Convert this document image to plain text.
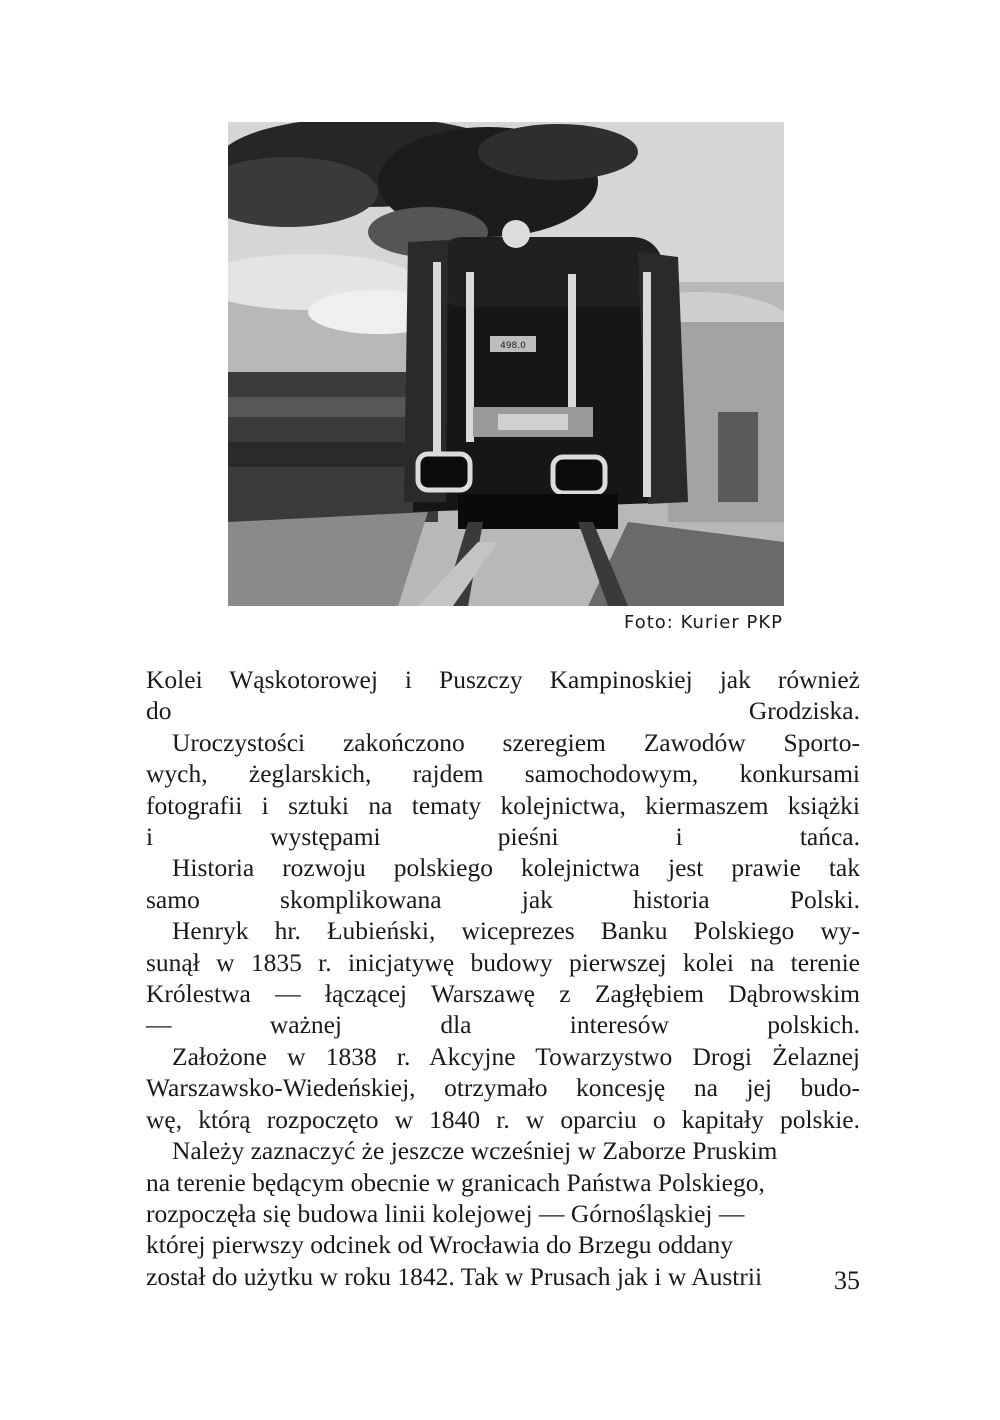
498.0
Foto: Kurier PKP
Kolei Wąskotorowej i Puszczy Kampinoskiej jak również
do Grodziska.
Uroczystości zakończono szeregiem Zawodów Sporto-
wych, żeglarskich, rajdem samochodowym, konkursami
fotografii i sztuki na tematy kolejnictwa, kiermaszem książki
i występami pieśni i tańca.
Historia rozwoju polskiego kolejnictwa jest prawie tak
samo skomplikowana jak historia Polski.
Henryk hr. Łubieński, wiceprezes Banku Polskiego wy-
sunął w 1835 r. inicjatywę budowy pierwszej kolei na terenie
Królestwa — łączącej Warszawę z Zagłębiem Dąbrowskim
— ważnej dla interesów polskich.
Założone w 1838 r. Akcyjne Towarzystwo Drogi Żelaznej
Warszawsko-Wiedeńskiej, otrzymało koncesję na jej budo-
wę, którą rozpoczęto w 1840 r. w oparciu o kapitały polskie.
Należy zaznaczyć że jeszcze wcześniej w Zaborze Pruskim
na terenie będącym obecnie w granicach Państwa Polskiego,
rozpoczęła się budowa linii kolejowej — Górnośląskiej —
której pierwszy odcinek od Wrocławia do Brzegu oddany
został do użytku w roku 1842. Tak w Prusach jak i w Austrii	35
